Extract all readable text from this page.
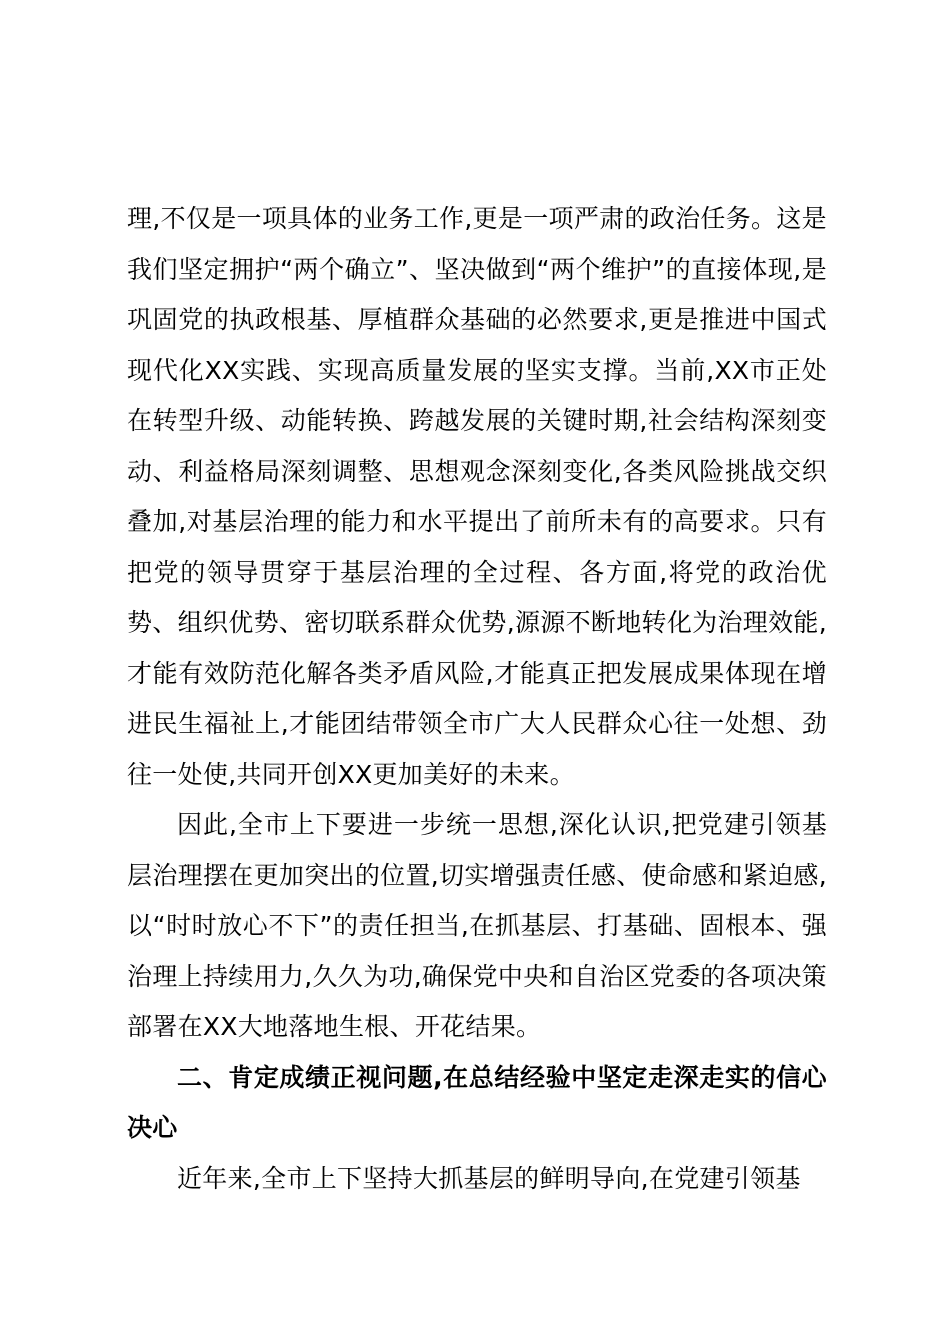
理,不仅是一项具体的业务工作,更是一项严肃的政治任务。这是我们坚定拥护“两个确立”、坚决做到“两个维护”的直接体现,是巩固党的执政根基、厚植群众基础的必然要求,更是推进中国式现代化XX实践、实现高质量发展的坚实支撑。当前,XX市正处在转型升级、动能转换、跨越发展的关键时期,社会结构深刻变动、利益格局深刻调整、思想观念深刻变化,各类风险挑战交织叠加,对基层治理的能力和水平提出了前所未有的高要求。只有把党的领导贯穿于基层治理的全过程、各方面,将党的政治优势、组织优势、密切联系群众优势,源源不断地转化为治理效能,才能有效防范化解各类矛盾风险,才能真正把发展成果体现在增进民生福祉上,才能团结带领全市广大人民群众心往一处想、劲往一处使,共同开创XX更加美好的未来。

因此,全市上下要进一步统一思想,深化认识,把党建引领基层治理摆在更加突出的位置,切实增强责任感、使命感和紧迫感,以“时时放心不下”的责任担当,在抓基层、打基础、固根本、强治理上持续用力,久久为功,确保党中央和自治区党委的各项决策部署在XX大地落地生根、开花结果。

二、肯定成绩正视问题,在总结经验中坚定走深走实的信心决心

近年来,全市上下坚持大抓基层的鲜明导向,在党建引领基
